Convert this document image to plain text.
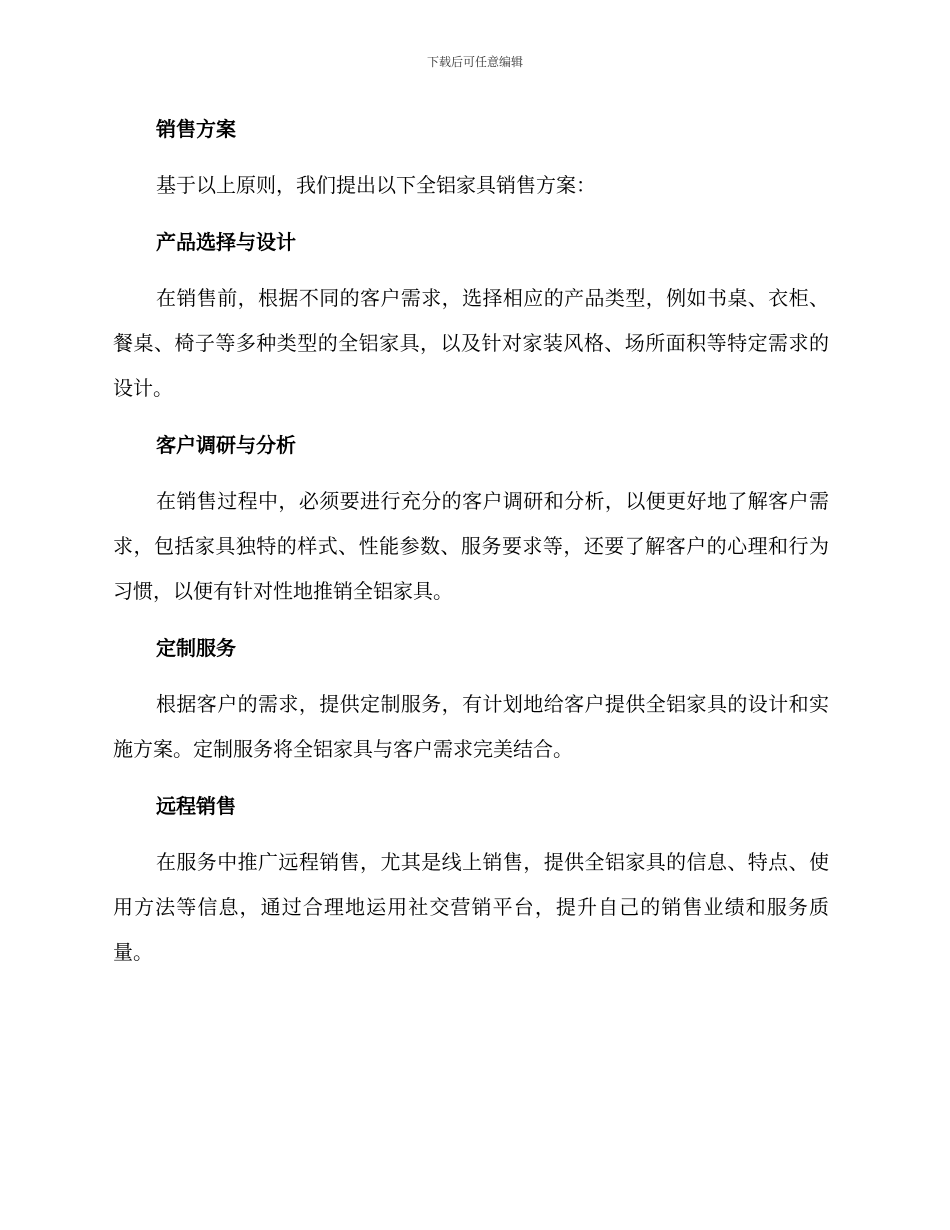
下载后可任意编辑
销售方案
基于以上原则，我们提出以下全铝家具销售方案：
产品选择与设计
在销售前，根据不同的客户需求，选择相应的产品类型，例如书桌、衣柜、餐桌、椅子等多种类型的全铝家具，以及针对家装风格、场所面积等特定需求的设计。
客户调研与分析
在销售过程中，必须要进行充分的客户调研和分析，以便更好地了解客户需求，包括家具独特的样式、性能参数、服务要求等，还要了解客户的心理和行为习惯，以便有针对性地推销全铝家具。
定制服务
根据客户的需求，提供定制服务，有计划地给客户提供全铝家具的设计和实施方案。定制服务将全铝家具与客户需求完美结合。
远程销售
在服务中推广远程销售，尤其是线上销售，提供全铝家具的信息、特点、使用方法等信息，通过合理地运用社交营销平台，提升自己的销售业绩和服务质量。
